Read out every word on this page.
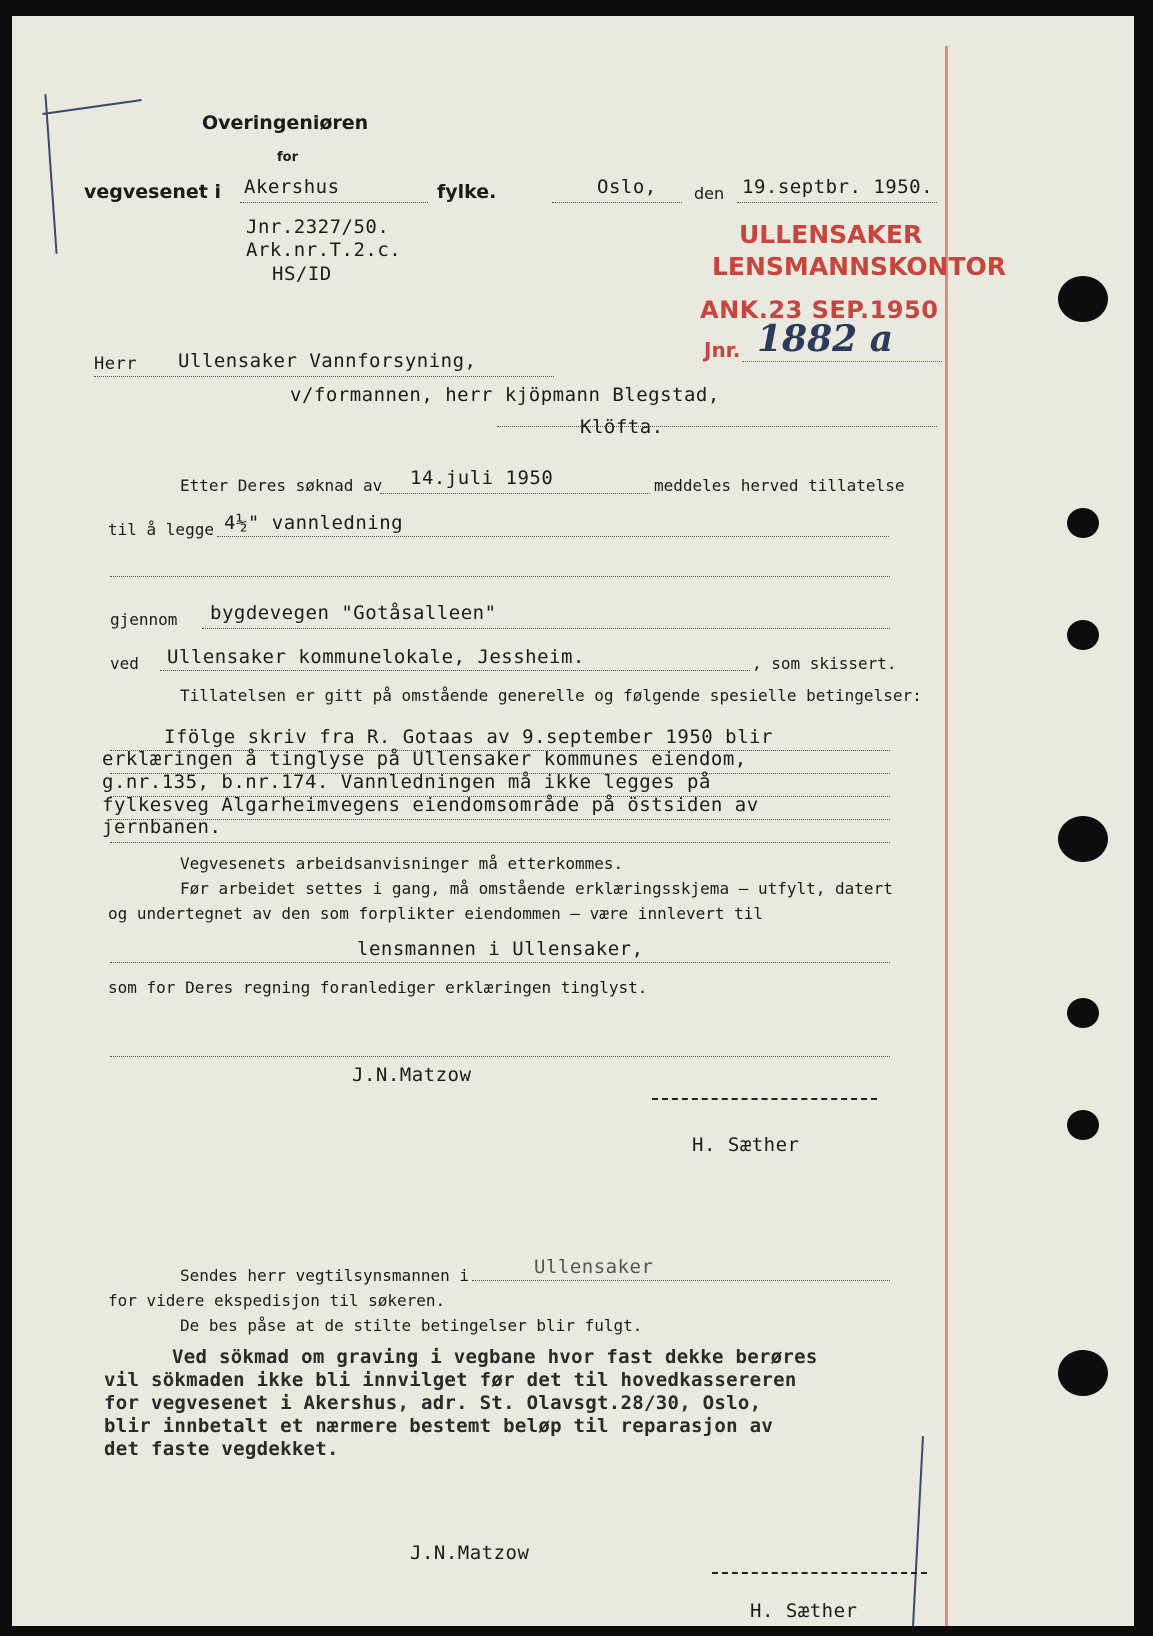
Overingeniøren
for
vegvesenet i Akershus	fylke.	Oslo, den 19.septbr. 1950.
Jnr.2327/50.
Ark.nr.T.2.c.
HS/ID
ULLENSAKER
LENSMANNSKONTOR
ANK.23 SEP.1950
Jnr. 1882 a
Herr Ullensaker Vannforsyning,
v/formannen, herr kjöpmann Blegstad,
Klöfta.
Etter Deres søknad av 14.juli 1950	meddeles herved tillatelse
til å legge 4½" vannledning
gjennom bygdevegen "Gotåsalleen"
ved Ullensaker kommunelokale, Jessheim.	, som skissert.
Tillatelsen er gitt på omstående generelle og følgende spesielle betingelser:
Ifölge skriv fra R. Gotaas av 9.september 1950 blir
erklæringen å tinglyse på Ullensaker kommunes eiendom,
g.nr.135, b.nr.174. Vannledningen må ikke legges på
fylkesveg Algarheimvegens eiendomsområde på östsiden av
jernbanen.
Vegvesenets arbeidsanvisninger må etterkommes.
Før arbeidet settes i gang, må omstående erklæringsskjema — utfylt, datert
og undertegnet av den som forplikter eiendommen — være innlevert til
lensmannen i Ullensaker,
som for Deres regning foranlediger erklæringen tinglyst.
J.N.Matzow
H. Sæther
Sendes herr vegtilsynsmannen i	Ullensaker
for videre ekspedisjon til søkeren.
De bes påse at de stilte betingelser blir fulgt.
Ved sökmad om graving i vegbane hvor fast dekke berøres
vil sökmaden ikke bli innvilget før det til hovedkassereren
for vegvesenet i Akershus, adr. St. Olavsgt.28/30, Oslo,
blir innbetalt et nærmere bestemt beløp til reparasjon av
det faste vegdekket.
J.N.Matzow
H. Sæther
